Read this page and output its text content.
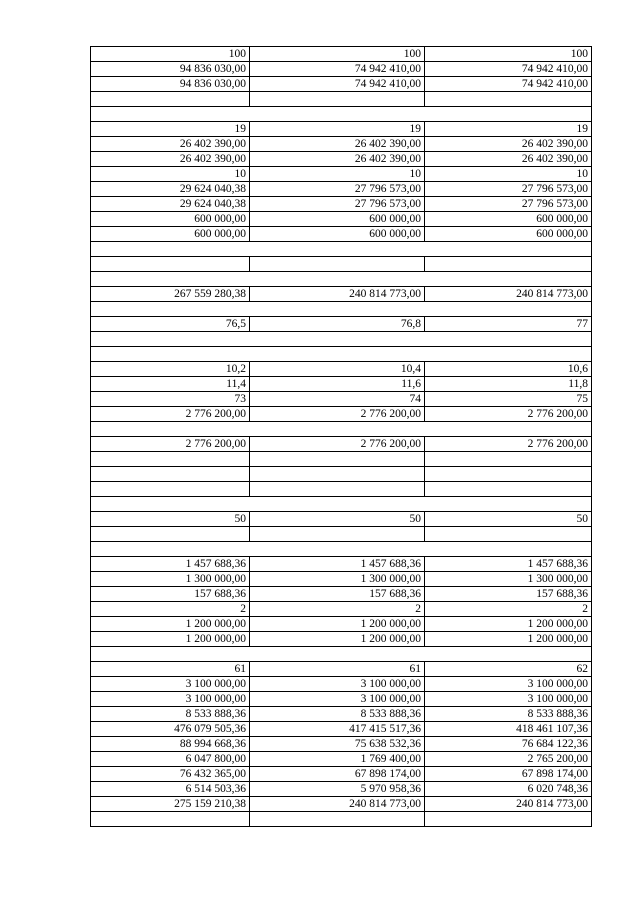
100	100	100
94 836 030,00	74 942 410,00	74 942 410,00
94 836 030,00	74 942 410,00	74 942 410,00
19	19	19
26 402 390,00	26 402 390,00	26 402 390,00
26 402 390,00	26 402 390,00	26 402 390,00
10	10	10
29 624 040,38	27 796 573,00	27 796 573,00
29 624 040,38	27 796 573,00	27 796 573,00
600 000,00	600 000,00	600 000,00
600 000,00	600 000,00	600 000,00
267 559 280,38	240 814 773,00	240 814 773,00
76,5	76,8	77
10,2	10,4	10,6
11,4	11,6	11,8
73	74	75
2 776 200,00	2 776 200,00	2 776 200,00
2 776 200,00	2 776 200,00	2 776 200,00
50	50	50
1 457 688,36	1 457 688,36	1 457 688,36
1 300 000,00	1 300 000,00	1 300 000,00
157 688,36	157 688,36	157 688,36
2	2	2
1 200 000,00	1 200 000,00	1 200 000,00
1 200 000,00	1 200 000,00	1 200 000,00
61	61	62
3 100 000,00	3 100 000,00	3 100 000,00
3 100 000,00	3 100 000,00	3 100 000,00
8 533 888,36	8 533 888,36	8 533 888,36
476 079 505,36	417 415 517,36	418 461 107,36
88 994 668,36	75 638 532,36	76 684 122,36
6 047 800,00	1 769 400,00	2 765 200,00
76 432 365,00	67 898 174,00	67 898 174,00
6 514 503,36	5 970 958,36	6 020 748,36
275 159 210,38	240 814 773,00	240 814 773,00
